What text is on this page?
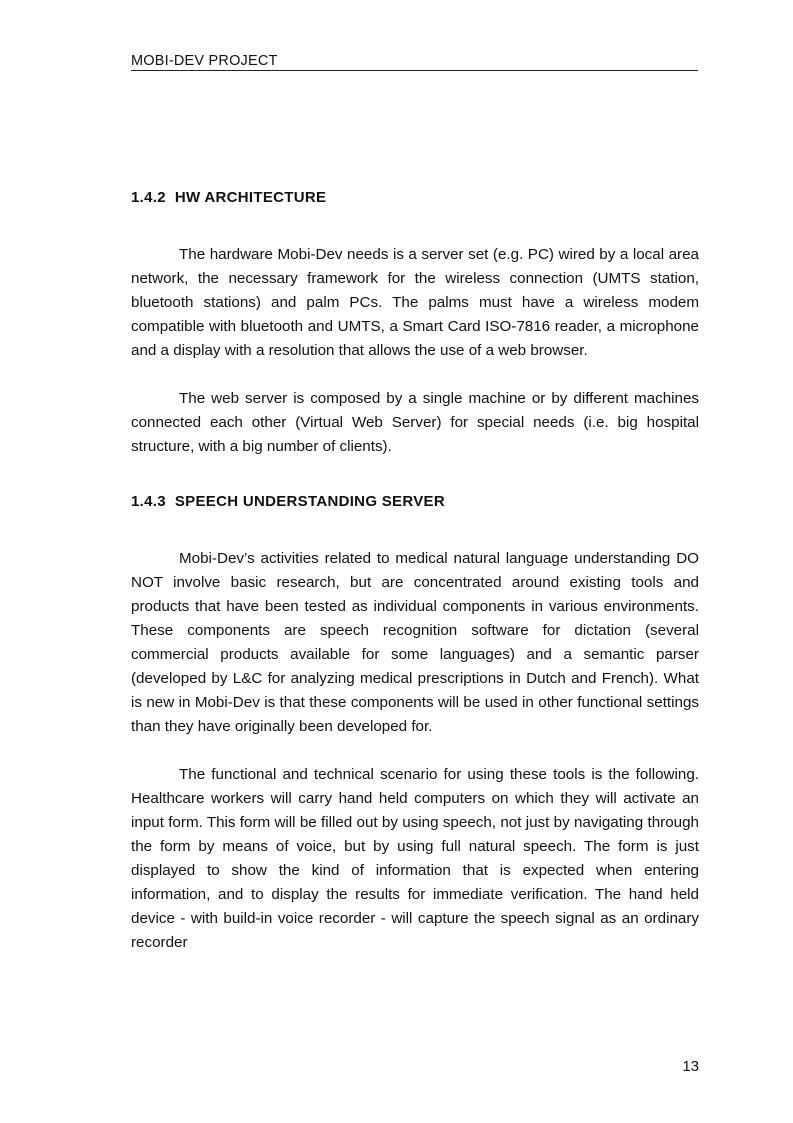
MOBI-DEV PROJECT
1.4.2 HW ARCHITECTURE

The hardware Mobi-Dev needs is a server set (e.g. PC) wired by a local area network, the necessary framework for the wireless connection (UMTS station, bluetooth stations) and palm PCs. The palms must have a wireless modem compatible with bluetooth and UMTS, a Smart Card ISO-7816 reader, a microphone and a display with a resolution that allows the use of a web browser.

The web server is composed by a single machine or by different machines connected each other (Virtual Web Server) for special needs (i.e. big hospital structure, with a big number of clients).

1.4.3 SPEECH UNDERSTANDING SERVER

Mobi-Dev’s activities related to medical natural language understanding DO NOT involve basic research, but are concentrated around existing tools and products that have been tested as individual components in various environments. These components are speech recognition software for dictation (several commercial products available for some languages) and a semantic parser (developed by L&C for analyzing medical prescriptions in Dutch and French). What is new in Mobi-Dev is that these components will be used in other functional settings than they have originally been developed for.

The functional and technical scenario for using these tools is the following. Healthcare workers will carry hand held computers on which they will activate an input form. This form will be filled out by using speech, not just by navigating through the form by means of voice, but by using full natural speech. The form is just displayed to show the kind of information that is expected when entering information, and to display the results for immediate verification. The hand held device - with build-in voice recorder - will capture the speech signal as an ordinary recorder

13
